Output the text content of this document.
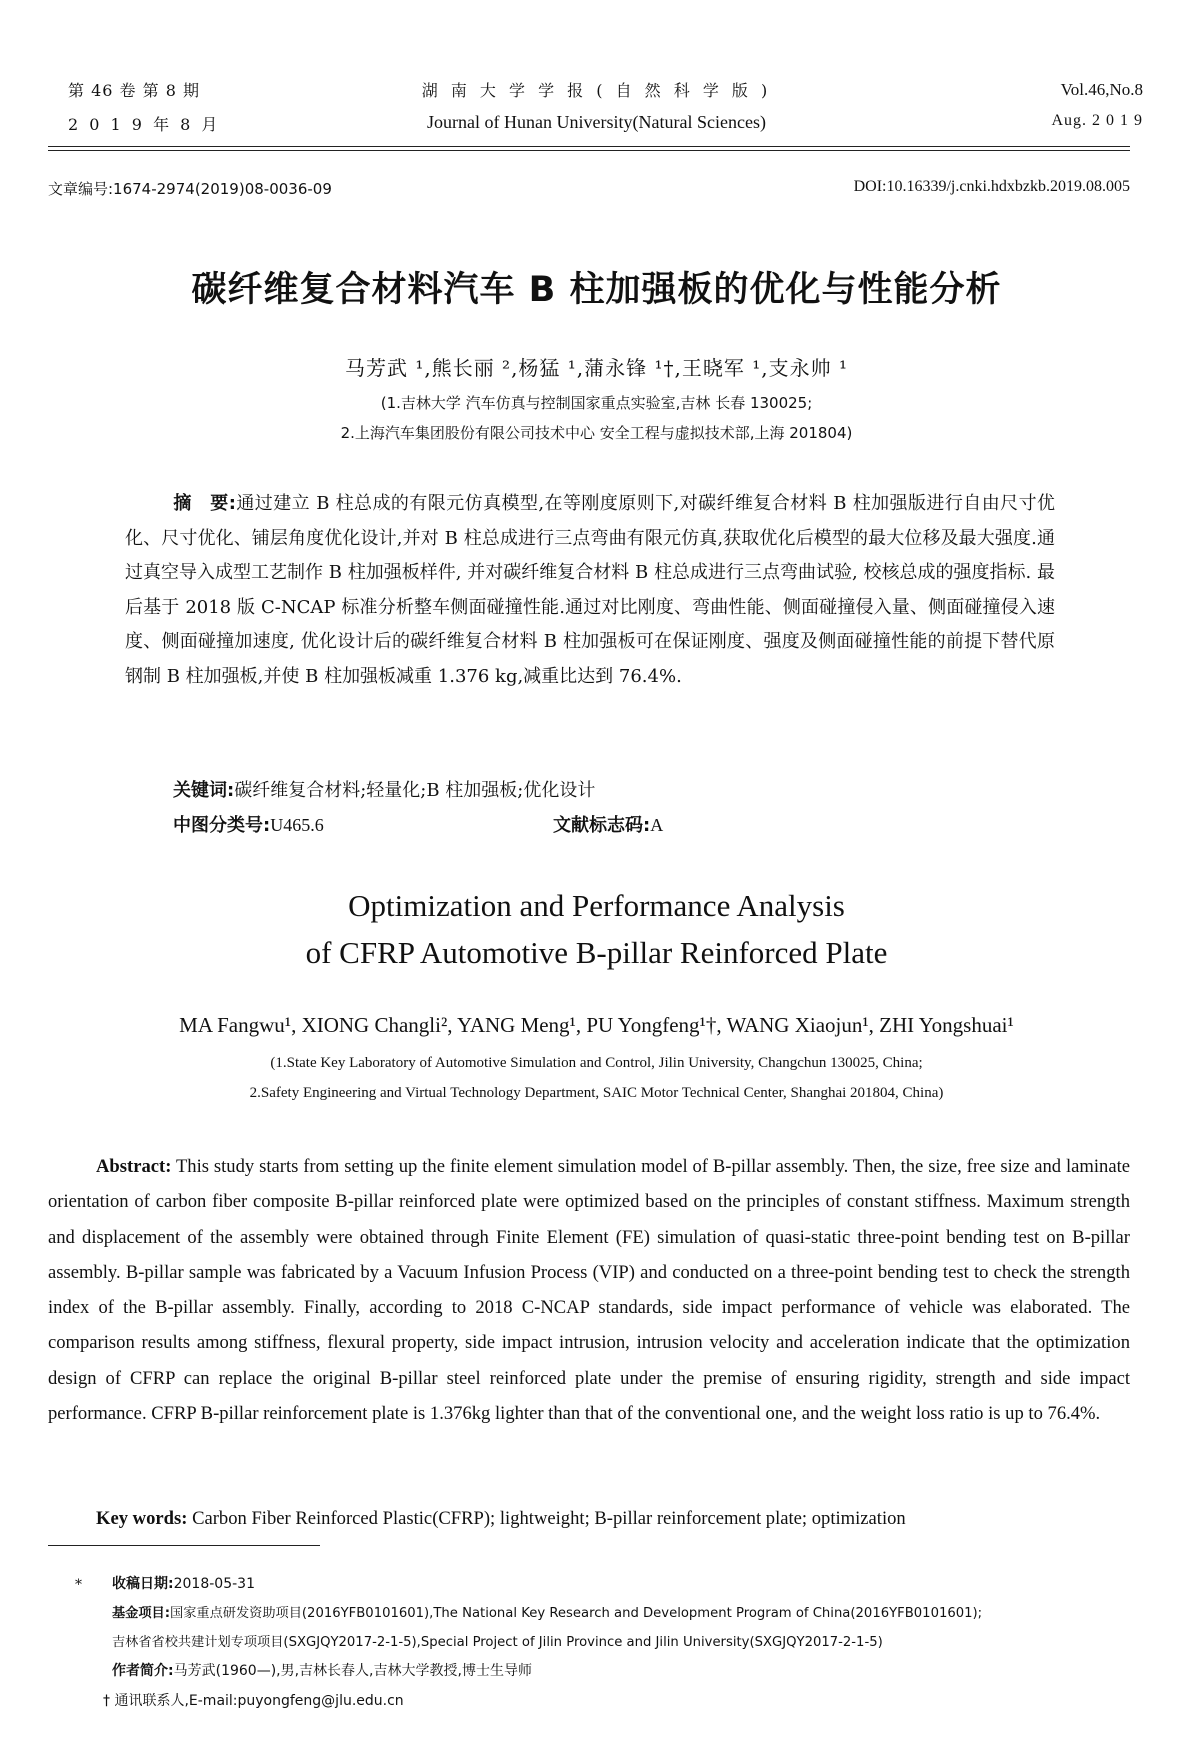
第 46 卷 第 8 期
2 0 1 9 年 8 月
湖 南 大 学 学 报 ( 自 然 科 学 版 )
Journal of Hunan University(Natural Sciences)
Vol.46,No.8
Aug. 2 0 1 9
文章编号:1674-2974(2019)08-0036-09	DOI:10.16339/j.cnki.hdxbzkb.2019.08.005
碳纤维复合材料汽车 B 柱加强板的优化与性能分析
马芳武 ¹,熊长丽 ²,杨猛 ¹,蒲永锋 ¹†,王晓军 ¹,支永帅 ¹
(1.吉林大学 汽车仿真与控制国家重点实验室,吉林 长春 130025;
2.上海汽车集团股份有限公司技术中心 安全工程与虚拟技术部,上海 201804)
摘　要:通过建立 B 柱总成的有限元仿真模型,在等刚度原则下,对碳纤维复合材料 B 柱加强版进行自由尺寸优化、尺寸优化、铺层角度优化设计,并对 B 柱总成进行三点弯曲有限元仿真,获取优化后模型的最大位移及最大强度.通过真空导入成型工艺制作 B 柱加强板样件, 并对碳纤维复合材料 B 柱总成进行三点弯曲试验, 校核总成的强度指标. 最后基于 2018 版 C-NCAP 标准分析整车侧面碰撞性能.通过对比刚度、弯曲性能、侧面碰撞侵入量、侧面碰撞侵入速度、侧面碰撞加速度, 优化设计后的碳纤维复合材料 B 柱加强板可在保证刚度、强度及侧面碰撞性能的前提下替代原钢制 B 柱加强板,并使 B 柱加强板减重 1.376 kg,减重比达到 76.4%.
关键词:碳纤维复合材料;轻量化;B 柱加强板;优化设计
中图分类号:U465.6	文献标志码:A
Optimization and Performance Analysis
of CFRP Automotive B-pillar Reinforced Plate
MA Fangwu¹, XIONG Changli², YANG Meng¹, PU Yongfeng¹†, WANG Xiaojun¹, ZHI Yongshuai¹
(1.State Key Laboratory of Automotive Simulation and Control, Jilin University, Changchun 130025, China;
2.Safety Engineering and Virtual Technology Department, SAIC Motor Technical Center, Shanghai 201804, China)
Abstract: This study starts from setting up the finite element simulation model of B-pillar assembly. Then, the size, free size and laminate orientation of carbon fiber composite B-pillar reinforced plate were optimized based on the principles of constant stiffness. Maximum strength and displacement of the assembly were obtained through Finite Element (FE) simulation of quasi-static three-point bending test on B-pillar assembly. B-pillar sample was fabricated by a Vacuum Infusion Process (VIP) and conducted on a three-point bending test to check the strength index of the B-pillar assembly. Finally, according to 2018 C-NCAP standards, side impact performance of vehicle was elaborated. The comparison results among stiffness, flexural property, side impact intrusion, intrusion velocity and acceleration indicate that the optimization design of CFRP can replace the original B-pillar steel reinforced plate under the premise of ensuring rigidity, strength and side impact performance. CFRP B-pillar reinforcement plate is 1.376kg lighter than that of the conventional one, and the weight loss ratio is up to 76.4%.
Key words: Carbon Fiber Reinforced Plastic(CFRP); lightweight; B-pillar reinforcement plate; optimization
* 收稿日期:2018-05-31
基金项目:国家重点研发资助项目(2016YFB0101601),The National Key Research and Development Program of China(2016YFB0101601);
吉林省省校共建计划专项项目(SXGJQY2017-2-1-5),Special Project of Jilin Province and Jilin University(SXGJQY2017-2-1-5)
作者简介:马芳武(1960—),男,吉林长春人,吉林大学教授,博士生导师
† 通讯联系人,E-mail:puyongfeng@jlu.edu.cn
